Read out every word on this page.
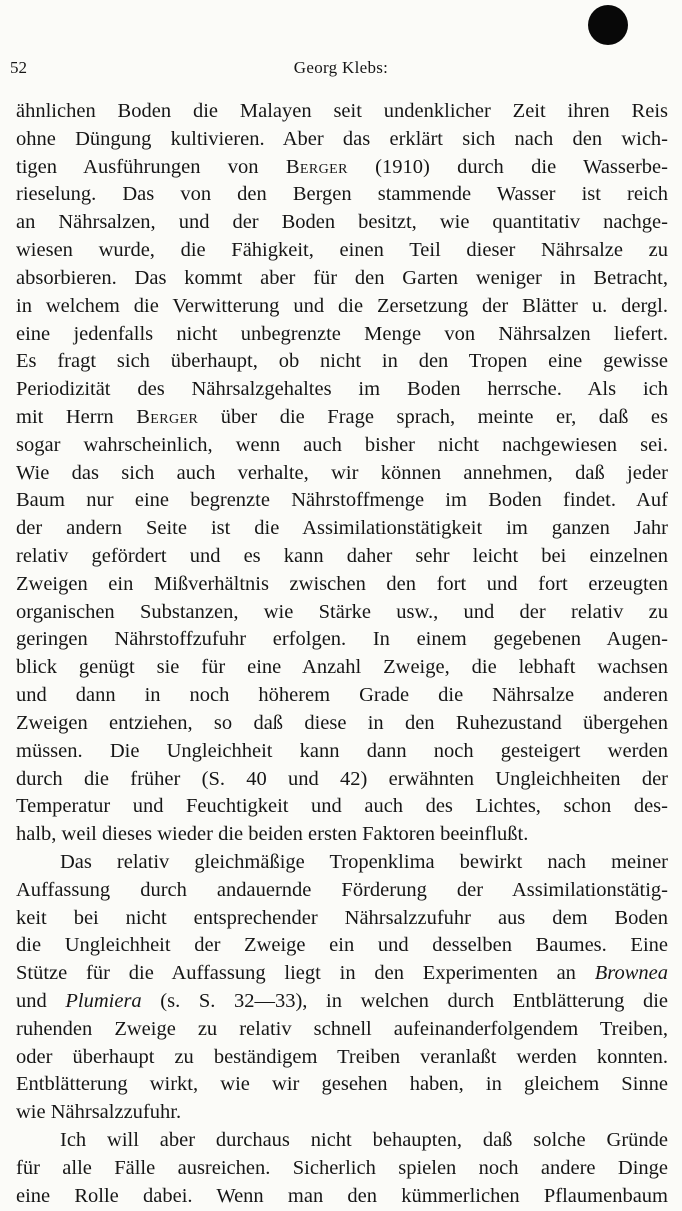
52	Georg Klebs:
ähnlichen Boden die Malayen seit undenklicher Zeit ihren Reis
ohne Düngung kultivieren. Aber das erklärt sich nach den wich-
tigen Ausführungen von Berger (1910) durch die Wasserbe-
rieselung. Das von den Bergen stammende Wasser ist reich
an Nährsalzen, und der Boden besitzt, wie quantitativ nachge-
wiesen wurde, die Fähigkeit, einen Teil dieser Nährsalze zu
absorbieren. Das kommt aber für den Garten weniger in Betracht,
in welchem die Verwitterung und die Zersetzung der Blätter u. dergl.
eine jedenfalls nicht unbegrenzte Menge von Nährsalzen liefert.
Es fragt sich überhaupt, ob nicht in den Tropen eine gewisse
Periodizität des Nährsalzgehaltes im Boden herrsche. Als ich
mit Herrn Berger über die Frage sprach, meinte er, daß es
sogar wahrscheinlich, wenn auch bisher nicht nachgewiesen sei.
Wie das sich auch verhalte, wir können annehmen, daß jeder
Baum nur eine begrenzte Nährstoffmenge im Boden findet. Auf
der andern Seite ist die Assimilationstätigkeit im ganzen Jahr
relativ gefördert und es kann daher sehr leicht bei einzelnen
Zweigen ein Mißverhältnis zwischen den fort und fort erzeugten
organischen Substanzen, wie Stärke usw., und der relativ zu
geringen Nährstoffzufuhr erfolgen. In einem gegebenen Augen-
blick genügt sie für eine Anzahl Zweige, die lebhaft wachsen
und dann in noch höherem Grade die Nährsalze anderen
Zweigen entziehen, so daß diese in den Ruhezustand übergehen
müssen. Die Ungleichheit kann dann noch gesteigert werden
durch die früher (S. 40 und 42) erwähnten Ungleichheiten der
Temperatur und Feuchtigkeit und auch des Lichtes, schon des-
halb, weil dieses wieder die beiden ersten Faktoren beeinflußt.
Das relativ gleichmäßige Tropenklima bewirkt nach meiner
Auffassung durch andauernde Förderung der Assimilationstätig-
keit bei nicht entsprechender Nährsalzzufuhr aus dem Boden
die Ungleichheit der Zweige ein und desselben Baumes. Eine
Stütze für die Auffassung liegt in den Experimenten an Brownea
und Plumiera (s. S. 32—33), in welchen durch Entblätterung die
ruhenden Zweige zu relativ schnell aufeinanderfolgendem Treiben,
oder überhaupt zu beständigem Treiben veranlaßt werden konnten.
Entblätterung wirkt, wie wir gesehen haben, in gleichem Sinne
wie Nährsalzzufuhr.
Ich will aber durchaus nicht behaupten, daß solche Gründe
für alle Fälle ausreichen. Sicherlich spielen noch andere Dinge
eine Rolle dabei. Wenn man den kümmerlichen Pflaumenbaum
